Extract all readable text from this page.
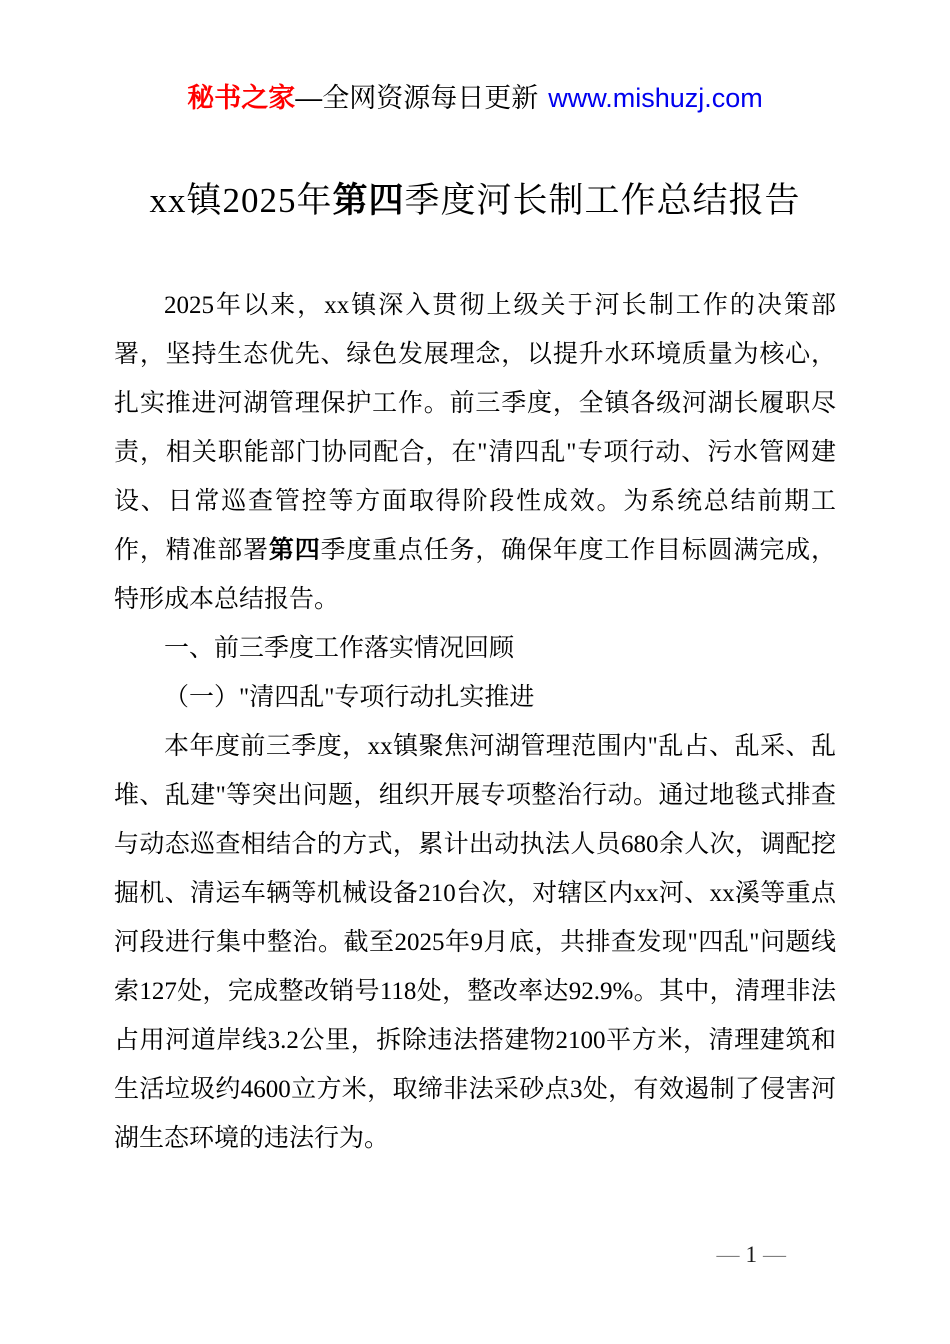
秘书之家—全网资源每日更新 www.mishuzj.com
xx镇2025年第四季度河长制工作总结报告

2025年以来，xx镇深入贯彻上级关于河长制工作的决策部署，坚持生态优先、绿色发展理念，以提升水环境质量为核心，扎实推进河湖管理保护工作。前三季度，全镇各级河湖长履职尽责，相关职能部门协同配合，在"清四乱"专项行动、污水管网建设、日常巡查管控等方面取得阶段性成效。为系统总结前期工作，精准部署第四季度重点任务，确保年度工作目标圆满完成，特形成本总结报告。

一、前三季度工作落实情况回顾

（一）"清四乱"专项行动扎实推进

本年度前三季度，xx镇聚焦河湖管理范围内"乱占、乱采、乱堆、乱建"等突出问题，组织开展专项整治行动。通过地毯式排查与动态巡查相结合的方式，累计出动执法人员680余人次，调配挖掘机、清运车辆等机械设备210台次，对辖区内xx河、xx溪等重点河段进行集中整治。截至2025年9月底，共排查发现"四乱"问题线索127处，完成整改销号118处，整改率达92.9%。其中，清理非法占用河道岸线3.2公里，拆除违法搭建物2100平方米，清理建筑和生活垃圾约4600立方米，取缔非法采砂点3处，有效遏制了侵害河湖生态环境的违法行为。

— 1 —
